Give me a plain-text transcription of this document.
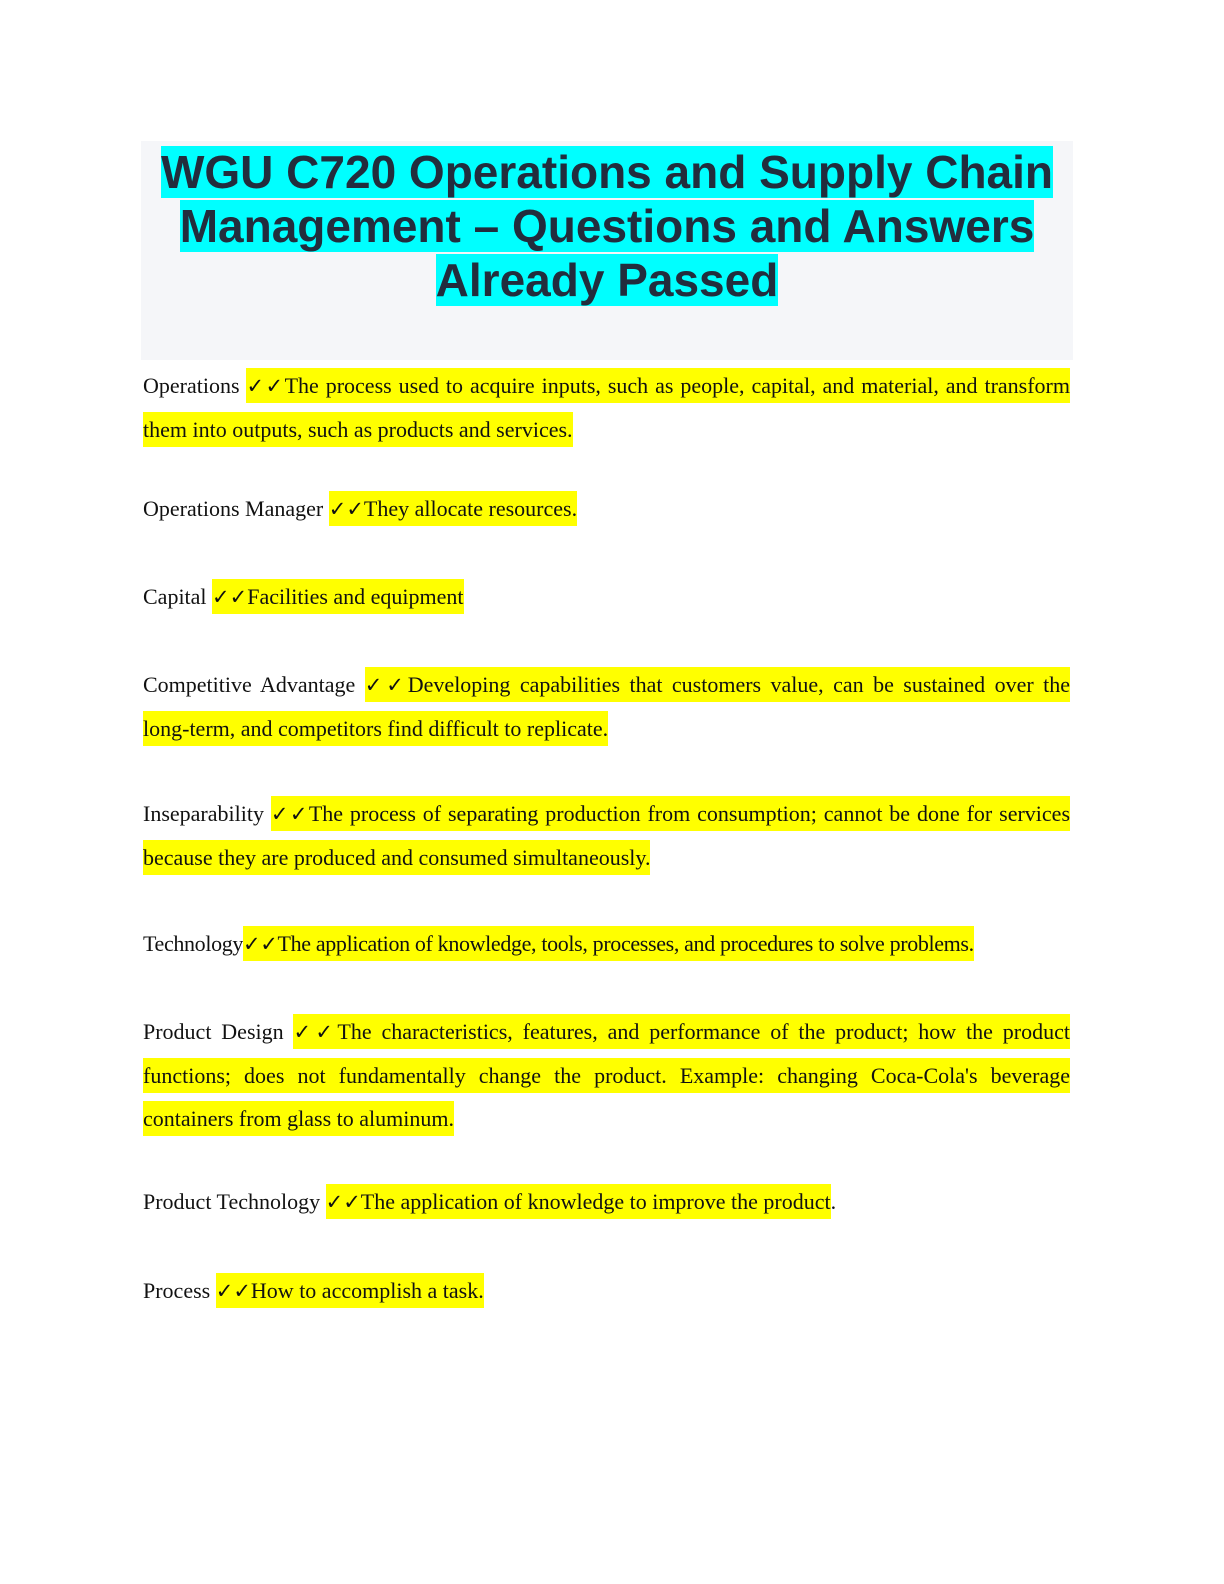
WGU C720 Operations and Supply Chain
Management – Questions and Answers
Already Passed

Operations ✓✓The process used to acquire inputs, such as people, capital, and material, and transform them into outputs, such as products and services.

Operations Manager ✓✓They allocate resources.

Capital ✓✓Facilities and equipment

Competitive Advantage ✓✓Developing capabilities that customers value, can be sustained over the long-term, and competitors find difficult to replicate.

Inseparability ✓✓The process of separating production from consumption; cannot be done for services because they are produced and consumed simultaneously.

Technology✓✓The application of knowledge, tools, processes, and procedures to solve problems.

Product Design ✓✓The characteristics, features, and performance of the product; how the product functions; does not fundamentally change the product. Example: changing Coca-Cola's beverage containers from glass to aluminum.

Product Technology ✓✓The application of knowledge to improve the product.

Process ✓✓How to accomplish a task.
